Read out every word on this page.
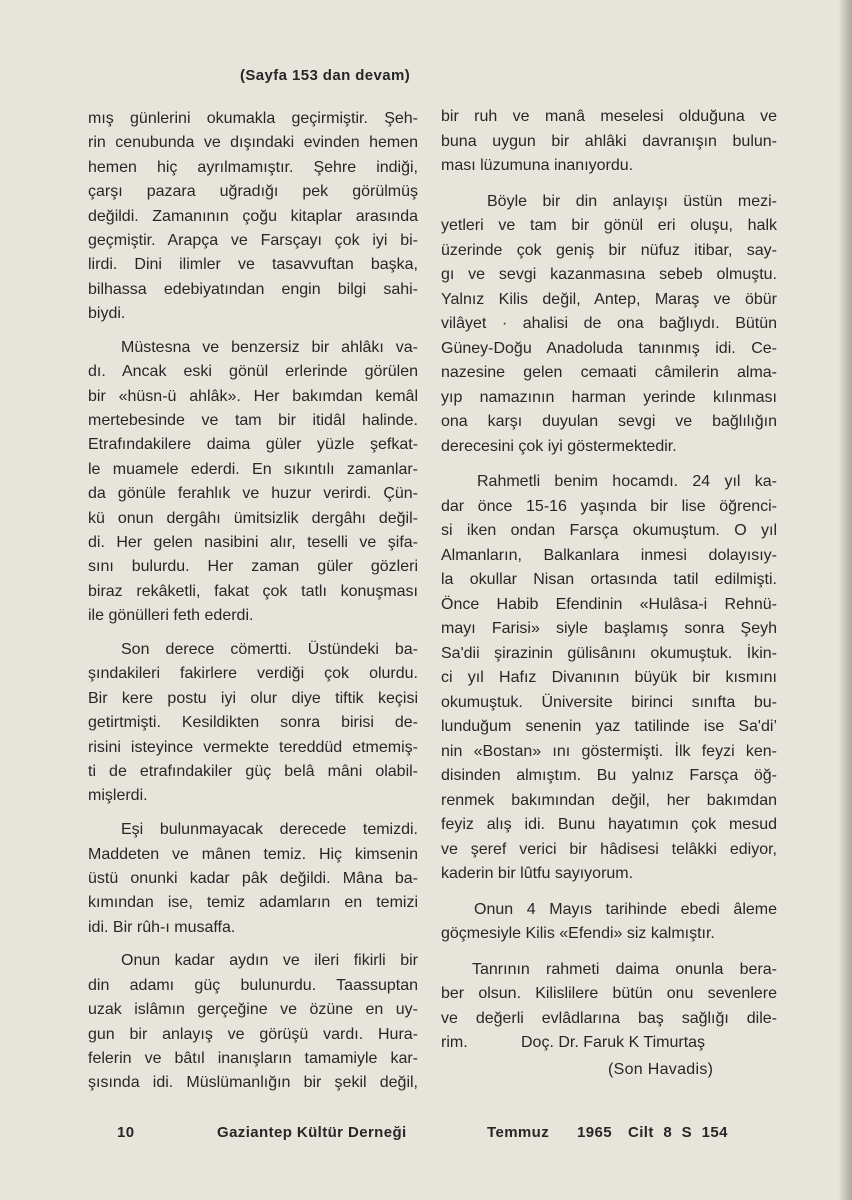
(Sayfa 153 dan devam)
mış günlerini okumakla geçirmiştir. Şeh-
rin cenubunda ve dışındaki evinden hemen
hemen hiç ayrılmamıştır. Şehre indiği,
çarşı pazara uğradığı pek görülmüş
değildi. Zamanının çoğu kitaplar arasında
geçmiştir. Arapça ve Farsçayı çok iyi bi-
lirdi. Dini ilimler ve tasavvuftan başka,
bilhassa edebiyatından engin bilgi sahi-
biydi.
Müstesna ve benzersiz bir ahlâkı va-
dı. Ancak eski gönül erlerinde görülen
bir «hüsn-ü ahlâk». Her bakımdan kemâl
mertebesinde ve tam bir itidâl halinde.
Etrafındakilere daima güler yüzle şefkat-
le muamele ederdi. En sıkıntılı zamanlar-
da gönüle ferahlık ve huzur verirdi. Çün-
kü onun dergâhı ümitsizlik dergâhı değil-
di. Her gelen nasibini alır, teselli ve şifa-
sını bulurdu. Her zaman güler gözleri
biraz rekâketli, fakat çok tatlı konuşması
ile gönülleri feth ederdi.
Son derece cömertti. Üstündeki ba-
şındakileri fakirlere verdiği çok olurdu.
Bir kere postu iyi olur diye tiftik keçisi
getirtmişti. Kesildikten sonra birisi de-
risini isteyince vermekte tereddüd etmemiş-
ti de etrafındakiler güç belâ mâni olabil-
mişlerdi.
Eşi bulunmayacak derecede temizdi.
Maddeten ve mânen temiz. Hiç kimsenin
üstü onunki kadar pâk değildi. Mâna ba-
kımından ise, temiz adamların en temizi
idi. Bir rûh-ı musaffa.
Onun kadar aydın ve ileri fikirli bir
din adamı güç bulunurdu. Taassuptan
uzak islâmın gerçeğine ve özüne en uy-
gun bir anlayış ve görüşü vardı. Hura-
felerin ve bâtıl inanışların tamamiyle kar-
şısında idi. Müslümanlığın bir şekil değil,
bir ruh ve manâ meselesi olduğuna ve
buna uygun bir ahlâki davranışın bulun-
ması lüzumuna inanıyordu.
Böyle bir din anlayışı üstün mezi-
yetleri ve tam bir gönül eri oluşu, halk
üzerinde çok geniş bir nüfuz itibar, say-
gı ve sevgi kazanmasına sebeb olmuştu.
Yalnız Kilis değil, Antep, Maraş ve öbür
vilâyet · ahalisi de ona bağlıydı. Bütün
Güney-Doğu Anadoluda tanınmış idi. Ce-
nazesine gelen cemaati câmilerin alma-
yıp namazının harman yerinde kılınması
ona karşı duyulan sevgi ve bağlılığın
derecesini çok iyi göstermektedir.
Rahmetli benim hocamdı. 24 yıl ka-
dar önce 15-16 yaşında bir lise öğrenci-
si iken ondan Farsça okumuştum. O yıl
Almanların, Balkanlara inmesi dolayısıy-
la okullar Nisan ortasında tatil edilmişti.
Önce Habib Efendinin «Hulâsa-i Rehnü-
mayı Farisi» siyle başlamış sonra Şeyh
Sa'dii şirazinin gülisânını okumuştuk. İkin-
ci yıl Hafız Divanının büyük bir kısmını
okumuştuk. Üniversite birinci sınıfta bu-
lunduğum senenin yaz tatilinde ise Sa'di’
nin «Bostan» ını göstermişti. İlk feyzi ken-
disinden almıştım. Bu yalnız Farsça öğ-
renmek bakımından değil, her bakımdan
feyiz alış idi. Bunu hayatımın çok mesud
ve şeref verici bir hâdisesi telâkki ediyor,
kaderin bir lûtfu sayıyorum.
Onun 4 Mayıs tarihinde ebedi âleme
göçmesiyle Kilis «Efendi» siz kalmıştır.
Tanrının rahmeti daima onunla bera-
ber olsun. Kilislilere bütün onu sevenlere
ve değerli evlâdlarına baş sağlığı dile-
rim.	Doç. Dr. Faruk K Timurtaş
(Son Havadis)
10	Gaziantep Kültür Derneği	Temmuz 1965 Cilt 8 S 154
